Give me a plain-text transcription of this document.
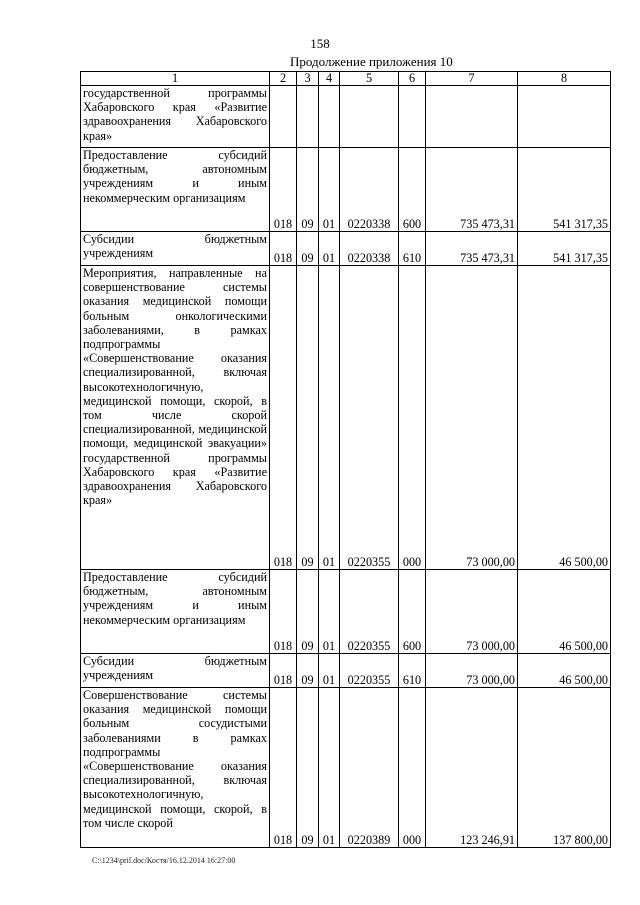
158
Продолжение приложения 10
1	2	3	4	5	6	7	8
государственной программы Хабаровского края «Развитие здравоохранения Хабаровского края»							
Предоставление субсидий бюджетным, автономным учреждениям и иным некоммерческим организациям	018	09	01	0220338	600	735 473,31	541 317,35
Субсидии бюджетным учреждениям	018	09	01	0220338	610	735 473,31	541 317,35
Мероприятия, направленные на совершенствование системы оказания медицинской помощи больным онкологическими заболеваниями, в рамках подпрограммы «Совершенствование оказания специализированной, включая высокотехнологичную, медицинской помощи, скорой, в том числе скорой специализированной, медицинской помощи, медицинской эвакуации» государственной программы Хабаровского края «Развитие здравоохранения Хабаровского края»	018	09	01	0220355	000	73 000,00	46 500,00
Предоставление субсидий бюджетным, автономным учреждениям и иным некоммерческим организациям	018	09	01	0220355	600	73 000,00	46 500,00
Субсидии бюджетным учреждениям	018	09	01	0220355	610	73 000,00	46 500,00
Совершенствование системы оказания медицинской помощи больным сосудистыми заболеваниями в рамках подпрограммы «Совершенствование оказания специализированной, включая высокотехнологичную, медицинской помощи, скорой, в том числе скорой	018	09	01	0220389	000	123 246,91	137 800,00
C:\1234\pril.doc/Костя/16.12.2014 16:27:00
